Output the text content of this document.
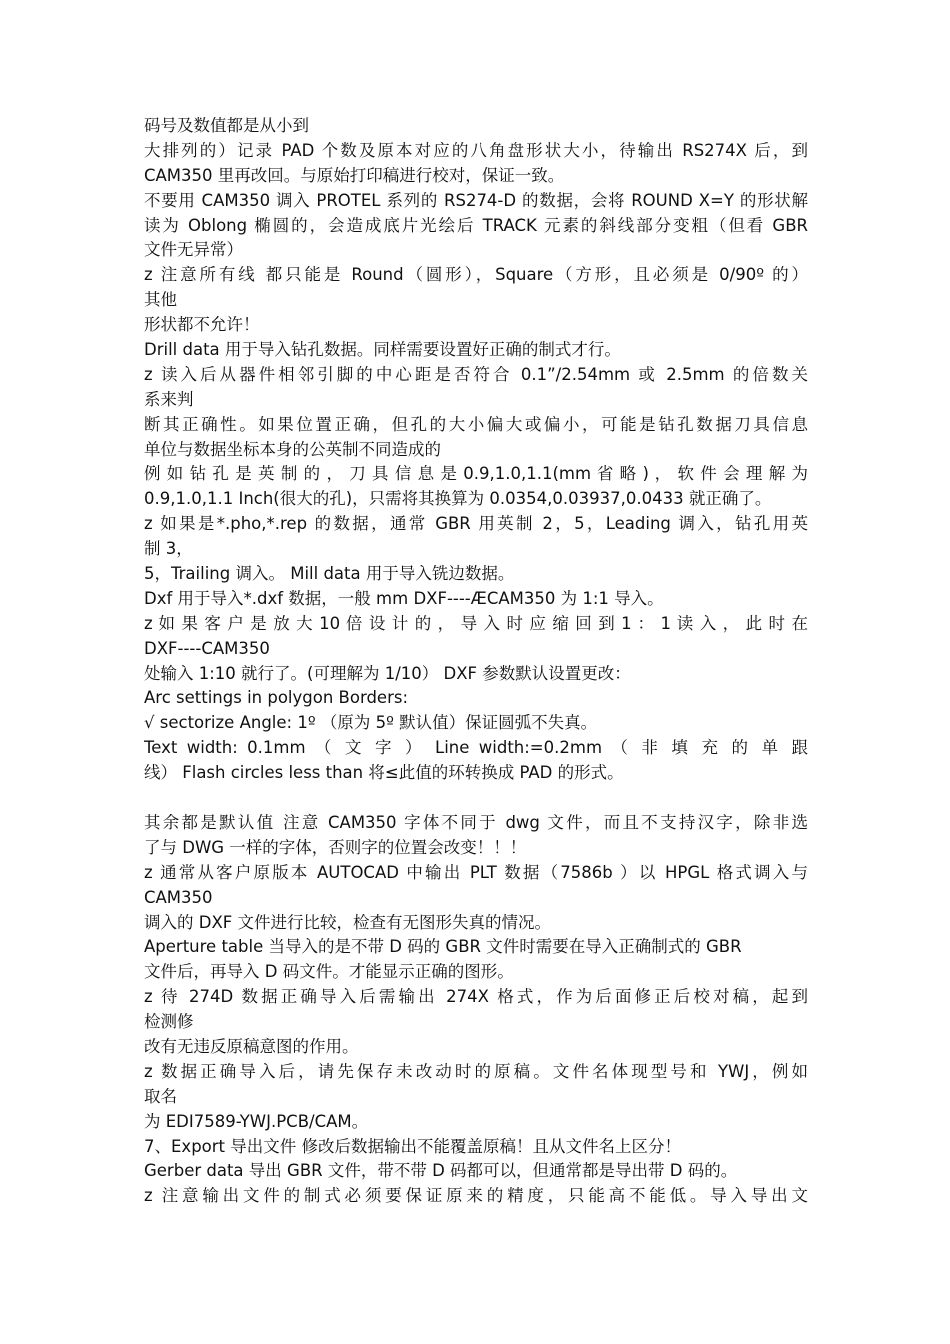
码号及数值都是从小到
大排列的）记录 PAD 个数及原本对应的八角盘形状大小，待输出 RS274X 后，到
CAM350 里再改回。与原始打印稿进行校对，保证一致。
不要用 CAM350 调入 PROTEL 系列的 RS274-D 的数据，会将 ROUND X=Y 的形状解
读为 Oblong 椭圆的，会造成底片光绘后 TRACK 元素的斜线部分变粗（但看 GBR
文件无异常）
z 注意所有线 都只能是 Round（圆形），Square（方形，且必须是 0/90º 的）
其他
形状都不允许！
Drill data 用于导入钻孔数据。同样需要设置好正确的制式才行。
z 读入后从器件相邻引脚的中心距是否符合 0.1”/2.54mm 或 2.5mm 的倍数关
系来判
断其正确性。如果位置正确，但孔的大小偏大或偏小，可能是钻孔数据刀具信息
单位与数据坐标本身的公英制不同造成的
例 如 钻 孔 是 英 制 的 ， 刀 具 信 息 是 0.9,1.0,1.1(mm 省 略 ) ， 软 件 会 理 解 为
0.9,1.0,1.1 Inch(很大的孔)，只需将其换算为 0.0354,0.03937,0.0433 就正确了。
z 如果是*.pho,*.rep 的数据，通常 GBR 用英制 2，5，Leading 调入，钻孔用英
制 3，
5，Trailing 调入。 Mill data 用于导入铣边数据。
Dxf 用于导入*.dxf 数据，一般 mm DXF----ÆCAM350 为 1:1 导入。
z 如 果 客 户 是 放 大 10 倍 设 计 的 ， 导 入 时 应 缩 回 到 1 ： 1 读 入 ， 此 时 在
DXF----CAM350
处输入 1:10 就行了。(可理解为 1/10） DXF 参数默认设置更改：
Arc settings in polygon Borders:
√ sectorize Angle: 1º （原为 5º 默认值）保证圆弧不失真。
Text width: 0.1mm （ 文 字 ） Line width:=0.2mm （ 非 填 充 的 单 跟
线） Flash circles less than 将≤此值的环转换成 PAD 的形式。
其余都是默认值 注意 CAM350 字体不同于 dwg 文件，而且不支持汉字，除非选
了与 DWG 一样的字体，否则字的位置会改变！！！
z 通常从客户原版本 AUTOCAD 中输出 PLT 数据（7586b ）以 HPGL 格式调入与
CAM350
调入的 DXF 文件进行比较，检查有无图形失真的情况。
Aperture table 当导入的是不带 D 码的 GBR 文件时需要在导入正确制式的 GBR
文件后，再导入 D 码文件。才能显示正确的图形。
z 待 274D 数据正确导入后需输出 274X 格式，作为后面修正后校对稿，起到
检测修
改有无违反原稿意图的作用。
z 数据正确导入后，请先保存未改动时的原稿。文件名体现型号和 YWJ，例如
取名
为 EDI7589-YWJ.PCB/CAM。
7、Export 导出文件 修改后数据输出不能覆盖原稿！且从文件名上区分！
Gerber data 导出 GBR 文件，带不带 D 码都可以，但通常都是导出带 D 码的。
z 注意输出文件的制式必须要保证原来的精度，只能高不能低。导入导出文
